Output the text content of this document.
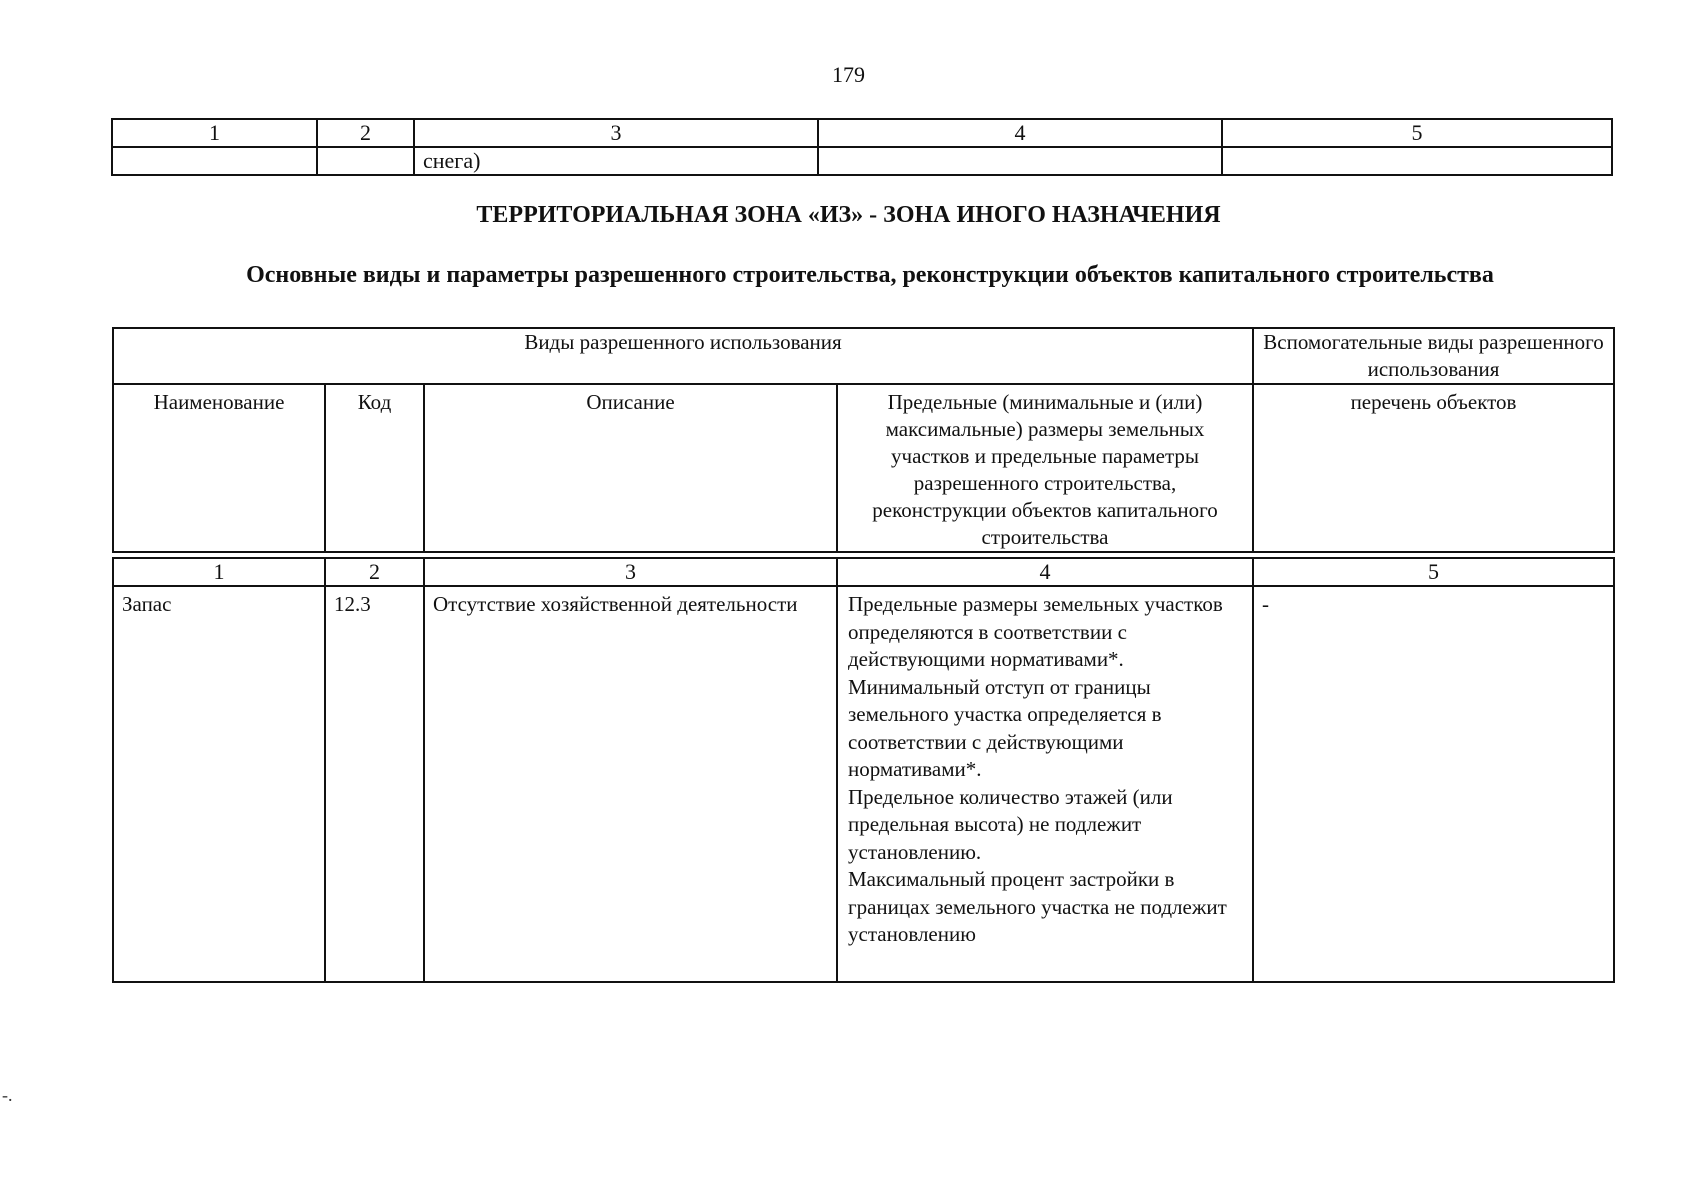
179
1	2	3	4	5
		снега)		
ТЕРРИТОРИАЛЬНАЯ ЗОНА «ИЗ» - ЗОНА ИНОГО НАЗНАЧЕНИЯ
Основные виды и параметры разрешенного строительства, реконструкции объектов капитального строительства
Виды разрешенного использования				Вспомогательные виды разрешенного использования
Наименование	Код	Описание	Предельные (минимальные и (или) максимальные) размеры земельных участков и предельные параметры разрешенного строительства, реконструкции объектов капитального строительства	перечень объектов

1	2	3	4	5
Запас	12.3	Отсутствие хозяйственной деятельности	Предельные размеры земельных участков определяются в соответствии с действующими нормативами*.
Минимальный отступ от границы земельного участка определяется в соответствии с действующими нормативами*.
Предельное количество этажей (или предельная высота) не подлежит установлению.
Максимальный процент застройки в границах земельного участка не подлежит установлению	-
-.
